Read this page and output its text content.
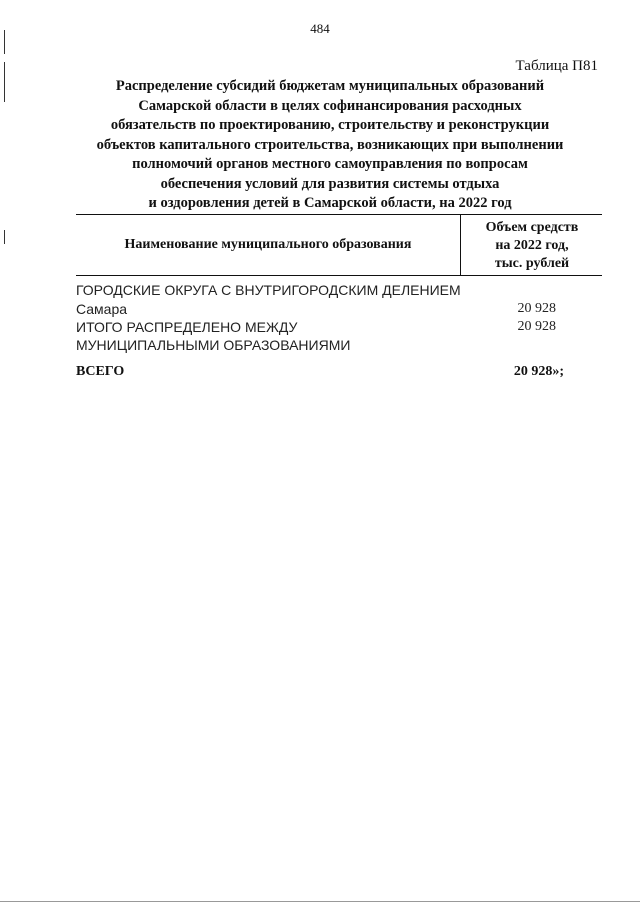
484
Таблица П81
Распределение субсидий бюджетам муниципальных образований
Самарской области в целях софинансирования расходных
обязательств по проектированию, строительству и реконструкции
объектов капитального строительства, возникающих при выполнении
полномочий органов местного самоуправления по вопросам
обеспечения условий для развития системы отдыха
и оздоровления детей в Самарской области, на 2022 год
Наименование муниципального образования
Объем средств
на 2022 год,
тыс. рублей
ГОРОДСКИЕ ОКРУГА С ВНУТРИГОРОДСКИМ ДЕЛЕНИЕМ
Самара	20 928
ИТОГО РАСПРЕДЕЛЕНО МЕЖДУ	20 928
МУНИЦИПАЛЬНЫМИ ОБРАЗОВАНИЯМИ
ВСЕГО	20 928»;
